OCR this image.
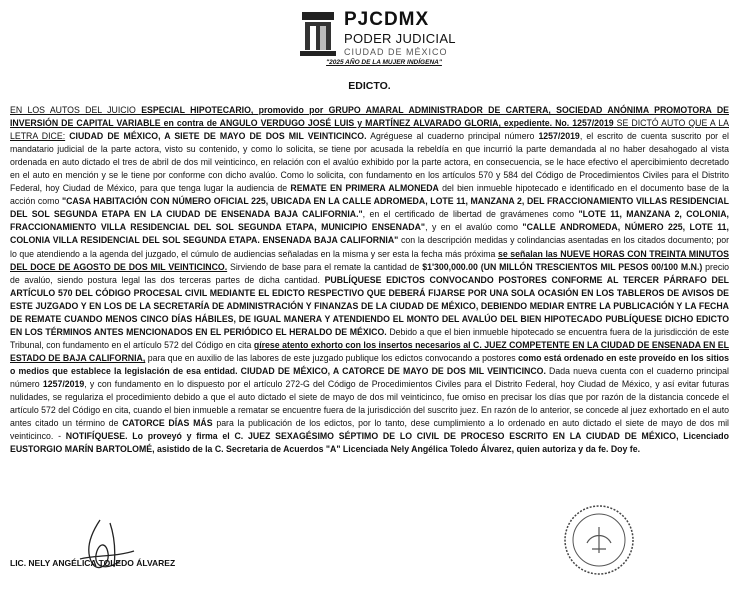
PJCDMX
PODER JUDICIAL
CIUDAD DE MÉXICO
"2025 AÑO DE LA MUJER INDÍGENA"
EDICTO.

EN LOS AUTOS DEL JUICIO ESPECIAL HIPOTECARIO, promovido por GRUPO AMARAL ADMINISTRADOR DE CARTERA, SOCIEDAD ANÓNIMA PROMOTORA DE INVERSIÓN DE CAPITAL VARIABLE en contra de ANGULO VERDUGO JOSÉ LUIS y MARTÍNEZ ALVARADO GLORIA, expediente. No. 1257/2019 SE DICTÓ AUTO QUE A LA LETRA DICE: CIUDAD DE MÉXICO, A SIETE DE MAYO DE DOS MIL VEINTICINCO. Agréguese al cuaderno principal número 1257/2019, el escrito de cuenta suscrito por el mandatario judicial de la parte actora, visto su contenido, y como lo solicita, se tiene por acusada la rebeldía en que incurrió la parte demandada al no haber desahogado al vista ordenada en auto dictado el tres de abril de dos mil veinticinco, en relación con el avalúo exhibido por la parte actora, en consecuencia, se le hace efectivo el apercibimiento decretado en el auto en mención y se le tiene por conforme con dicho avalúo. Como lo solicita, con fundamento en los artículos 570 y 584 del Código de Procedimientos Civiles para el Distrito Federal, hoy Ciudad de México, para que tenga lugar la audiencia de REMATE EN PRIMERA ALMONEDA del bien inmueble hipotecado e identificado en el documento base de la acción como "CASA HABITACIÓN CON NÚMERO OFICIAL 225, UBICADA EN LA CALLE ADROMEDA, LOTE 11, MANZANA 2, DEL FRACCIONAMIENTO VILLAS RESIDENCIAL DEL SOL SEGUNDA ETAPA EN LA CIUDAD DE ENSENADA BAJA CALIFORNIA.", en el certificado de libertad de gravámenes como "LOTE 11, MANZANA 2, COLONIA, FRACCIONAMIENTO VILLA RESIDENCIAL DEL SOL SEGUNDA ETAPA, MUNICIPIO ENSENADA", y en el avalúo como "CALLE ANDROMEDA, NÚMERO 225, LOTE 11, COLONIA VILLA RESIDENCIAL DEL SOL SEGUNDA ETAPA. ENSENADA BAJA CALIFORNIA" con la descripción medidas y colindancias asentadas en los citados documento; por lo que atendiendo a la agenda del juzgado, el cúmulo de audiencias señaladas en la misma y ser esta la fecha más próxima se señalan las NUEVE HORAS CON TREINTA MINUTOS DEL DOCE DE AGOSTO DE DOS MIL VEINTICINCO. Sirviendo de base para el remate la cantidad de $1'300,000.00 (UN MILLÓN TRESCIENTOS MIL PESOS 00/100 M.N.) precio de avalúo, siendo postura legal las dos terceras partes de dicha cantidad. PUBLÍQUESE EDICTOS CONVOCANDO POSTORES CONFORME AL TERCER PÁRRAFO DEL ARTÍCULO 570 DEL CÓDIGO PROCESAL CIVIL MEDIANTE EL EDICTO RESPECTIVO QUE DEBERÁ FIJARSE POR UNA SOLA OCASIÓN EN LOS TABLEROS DE AVISOS DE ESTE JUZGADO Y EN LOS DE LA SECRETARÍA DE ADMINISTRACIÓN Y FINANZAS DE LA CIUDAD DE MÉXICO, DEBIENDO MEDIAR ENTRE LA PUBLICACIÓN Y LA FECHA DE REMATE CUANDO MENOS CINCO DÍAS HÁBILES, DE IGUAL MANERA Y ATENDIENDO EL MONTO DEL AVALÚO DEL BIEN HIPOTECADO PUBLÍQUESE DICHO EDICTO EN LOS TÉRMINOS ANTES MENCIONADOS EN EL PERIÓDICO EL HERALDO DE MÉXICO. Debido a que el bien inmueble hipotecado se encuentra fuera de la jurisdicción de este Tribunal, con fundamento en el artículo 572 del Código en cita gírese atento exhorto con los insertos necesarios al C. JUEZ COMPETENTE EN LA CIUDAD DE ENSENADA EN EL ESTADO DE BAJA CALIFORNIA, para que en auxilio de las labores de este juzgado publique los edictos convocando a postores como está ordenado en este proveído en los sitios o medios que establece la legislación de esa entidad. CIUDAD DE MÉXICO, A CATORCE DE MAYO DE DOS MIL VEINTICINCO. Dada nueva cuenta con el cuaderno principal número 1257/2019, y con fundamento en lo dispuesto por el artículo 272-G del Código de Procedimientos Civiles para el Distrito Federal, hoy Ciudad de México, y así evitar futuras nulidades, se regulariza el procedimiento debido a que el auto dictado el siete de mayo de dos mil veinticinco, fue omiso en precisar los días que por razón de la distancia concede el artículo 572 del Código en cita, cuando el bien inmueble a rematar se encuentre fuera de la jurisdicción del suscrito juez. En razón de lo anterior, se concede al juez exhortado en el auto antes citado un término de CATORCE DÍAS MÁS para la publicación de los edictos, por lo tanto, dese cumplimiento a lo ordenado en auto dictado el siete de mayo de dos mil veinticinco. - NOTIFÍQUESE. Lo proveyó y firma el C. JUEZ SEXAGÉSIMO SÉPTIMO DE LO CIVIL DE PROCESO ESCRITO EN LA CIUDAD DE MÉXICO, Licenciado EUSTORGIO MARÍN BARTOLOMÉ, asistido de la C. Secretaria de Acuerdos "A" Licenciada Nely Angélica Toledo Álvarez, quien autoriza y da fe. Doy fe.

LIC. NELY ANGÉLICA TOLEDO ÁLVAREZ
